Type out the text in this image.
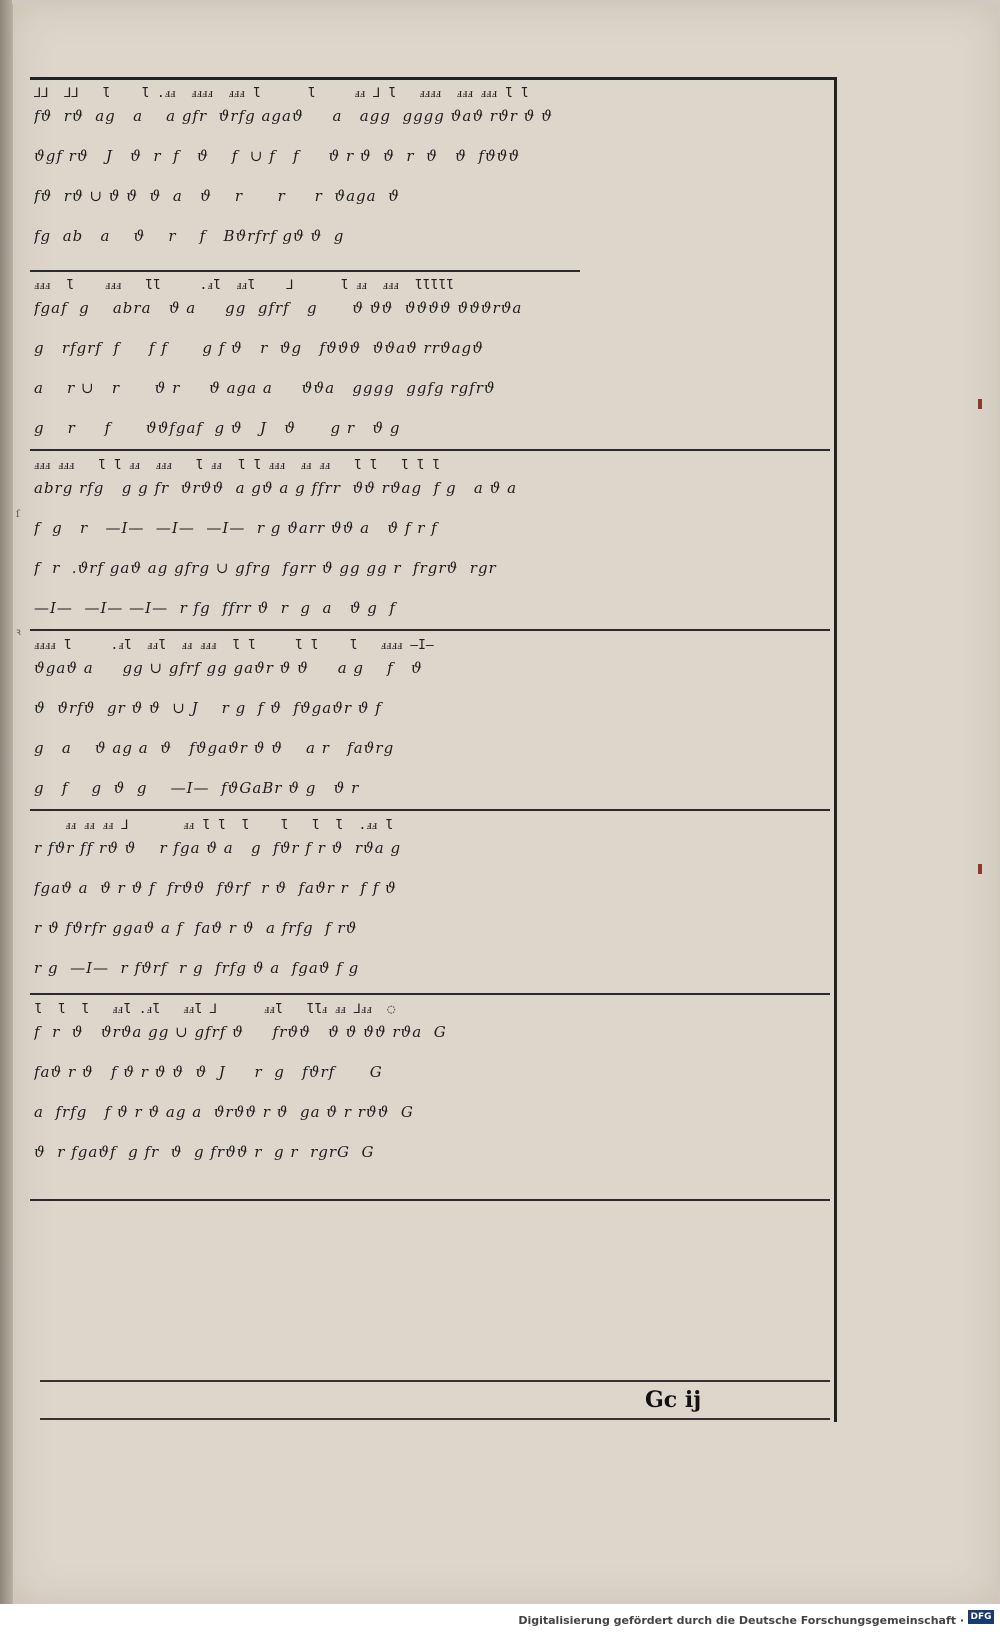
ſ
ꝛ
⅃⅃  ⅃⅃   Ɩ    Ɩ .ⅎⅎ  ⅎⅎⅎⅎ  ⅎⅎⅎ Ɩ      Ɩ     ⅎⅎ ⅃ Ɩ   ⅎⅎⅎⅎ  ⅎⅎⅎ ⅎⅎⅎ Ɩ Ɩ
fϑ  rϑ  ag   a    a gfr  ϑrfg agaϑ     a   agg  gggg ϑaϑ rϑr ϑ ϑ
ϑgf rϑ   J   ϑ  r  f   ϑ    f  ∪ f   f     ϑ r ϑ  ϑ  r  ϑ   ϑ  fϑϑϑ
fϑ  rϑ ∪ ϑ ϑ  ϑ  a   ϑ    r      r     r  ϑaga  ϑ
fg  ab   a    ϑ    r    f   Bϑrfrf gϑ ϑ  g
ⅎⅎⅎ  Ɩ    ⅎⅎⅎ   ƖƖ     .ⅎƖ  ⅎⅎƖ    ⅃      Ɩ ⅎⅎ  ⅎⅎⅎ  ƖƖƖƖƖ
fgaf  g    abra   ϑ a     gg  gfrf   g      ϑ ϑϑ  ϑϑϑϑ ϑϑϑrϑa
g   rfgrf  f     f f      g f ϑ   r  ϑg   fϑϑϑ  ϑϑaϑ rrϑagϑ
a    r ∪   r      ϑ r     ϑ aga a     ϑϑa   gggg  ggfg rgfrϑ
g    r     f      ϑϑfgaf  g ϑ   J   ϑ      g r   ϑ g
ⅎⅎⅎ ⅎⅎⅎ   Ɩ Ɩ ⅎⅎ  ⅎⅎⅎ   Ɩ ⅎⅎ  Ɩ Ɩ ⅎⅎⅎ  ⅎⅎ ⅎⅎ   Ɩ Ɩ   Ɩ Ɩ Ɩ
abrg rfg   g g fr  ϑrϑϑ  a gϑ a g ffrr  ϑϑ rϑag  f g   a ϑ a
f  g   r   —I—  —I—  —I—  r g ϑarr ϑϑ a   ϑ f r f
f  r  .ϑrf gaϑ ag gfrg ∪ gfrg  fgrr ϑ gg gg r  frgrϑ  rgr
—I—  —I— —I—  r fg  ffrr ϑ  r  g  a   ϑ g  f
ⅎⅎⅎⅎ Ɩ     .ⅎƖ  ⅎⅎƖ  ⅎⅎ ⅎⅎⅎ  Ɩ Ɩ     Ɩ Ɩ    Ɩ   ⅎⅎⅎⅎ —I—
ϑgaϑ a     gg ∪ gfrf gg gaϑr ϑ ϑ     a g    f   ϑ
ϑ  ϑrfϑ  gr ϑ ϑ  ∪ J    r g  f ϑ  fϑgaϑr ϑ f
g   a    ϑ ag a  ϑ   fϑgaϑr ϑ ϑ    a r   faϑrg
g   f    g  ϑ  g    —I—  fϑGaBr ϑ g   ϑ r
ⅎⅎ ⅎⅎ ⅎⅎ ⅃       ⅎⅎ Ɩ Ɩ  Ɩ    Ɩ   Ɩ  Ɩ  .ⅎⅎ Ɩ
r fϑr ff rϑ ϑ    r fga ϑ a   g  fϑr f r ϑ  rϑa g
fgaϑ a  ϑ r ϑ f  frϑϑ  fϑrf  r ϑ  faϑr r  f f ϑ
r ϑ fϑrfr ggaϑ a f  faϑ r ϑ  a frfg  f rϑ
r g  —I—  r fϑrf  r g  frfg ϑ a  fgaϑ f g
Ɩ  Ɩ  Ɩ   ⅎⅎƖ .ⅎƖ   ⅎⅎƖ ⅃      ⅎⅎƖ   ƖƖⅎ ⅎⅎ ⅃ⅎⅎ  ◌
f  r  ϑ   ϑrϑa gg ∪ gfrf ϑ     frϑϑ   ϑ ϑ ϑϑ rϑa  G
faϑ r ϑ   f ϑ r ϑ ϑ  ϑ  J     r  g   fϑrf      G
a  frfg   f ϑ r ϑ ag a  ϑrϑϑ r ϑ  ga ϑ r rϑϑ  G
ϑ  r fgaϑf  g fr  ϑ  g frϑϑ r  g r  rgrG  G
Gc ij
Digitalisierung gefördert durch die Deutsche Forschungsgemeinschaft · DFG
